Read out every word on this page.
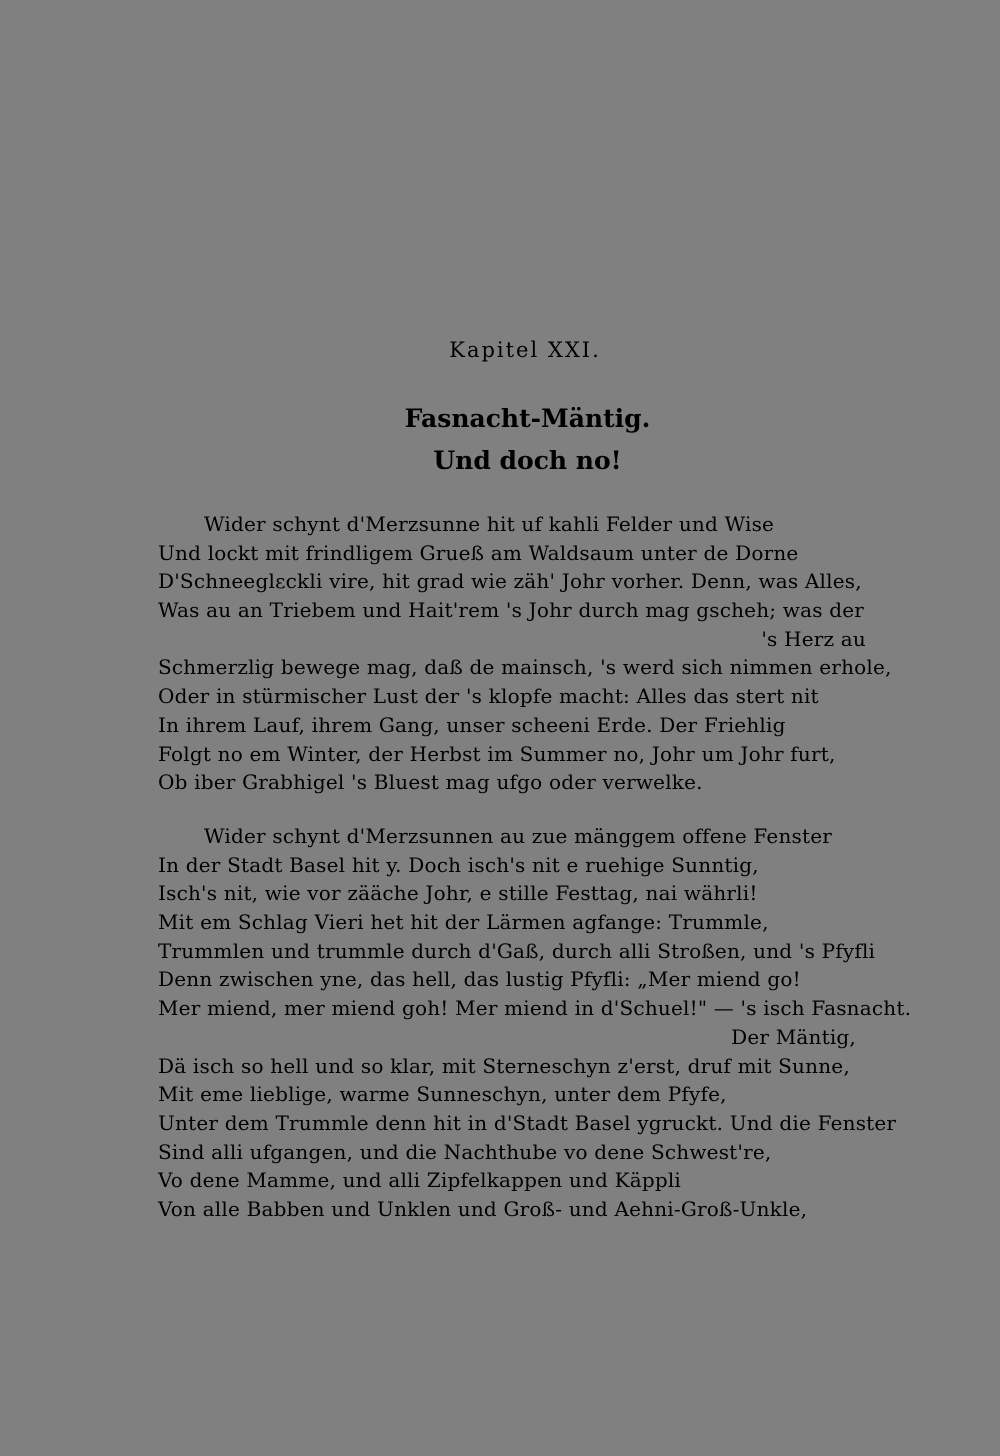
Kapitel XXI.
Fasnacht-Mäntig.
Und doch no!
Wider schynt d'Merzsunne hit uf kahli Felder und Wise
Und lockt mit frindligem Grueß am Waldsaum unter de Dorne
D'Schneeglεckli vire, hit grad wie zäh' Johr vorher. Denn, was Alles,
Was au an Triebem und Hait'rem 's Johr durch mag gscheh; was der
's Herz au
Schmerzlig bewege mag, daß de mainsch, 's werd sich nimmen erhole,
Oder in stürmischer Lust der 's klopfe macht: Alles das stert nit
In ihrem Lauf, ihrem Gang, unser scheeni Erde. Der Friehlig
Folgt no em Winter, der Herbst im Summer no, Johr um Johr furt,
Ob iber Grabhigel 's Bluest mag ufgo oder verwelke.
Wider schynt d'Merzsunnen au zue mänggem offene Fenster
In der Stadt Basel hit y. Doch isch's nit e ruehige Sunntig,
Isch's nit, wie vor zääche Johr, e stille Festtag, nai währli!
Mit em Schlag Vieri het hit der Lärmen agfange: Trummle,
Trummlen und trummle durch d'Gaß, durch alli Stroßen, und 's Pfyfli
Denn zwischen yne, das hell, das lustig Pfyfli: „Mer miend go!
Mer miend, mer miend goh! Mer miend in d'Schuel!" — 's isch Fasnacht.
Der Mäntig,
Dä isch so hell und so klar, mit Sterneschyn z'erst, druf mit Sunne,
Mit eme lieblige, warme Sunneschyn, unter dem Pfyfe,
Unter dem Trummle denn hit in d'Stadt Basel ygruckt. Und die Fenster
Sind alli ufgangen, und die Nachthube vo dene Schwest're,
Vo dene Mamme, und alli Zipfelkappen und Käppli
Von alle Babben und Unklen und Groß- und Aehni-Groß-Unkle,
